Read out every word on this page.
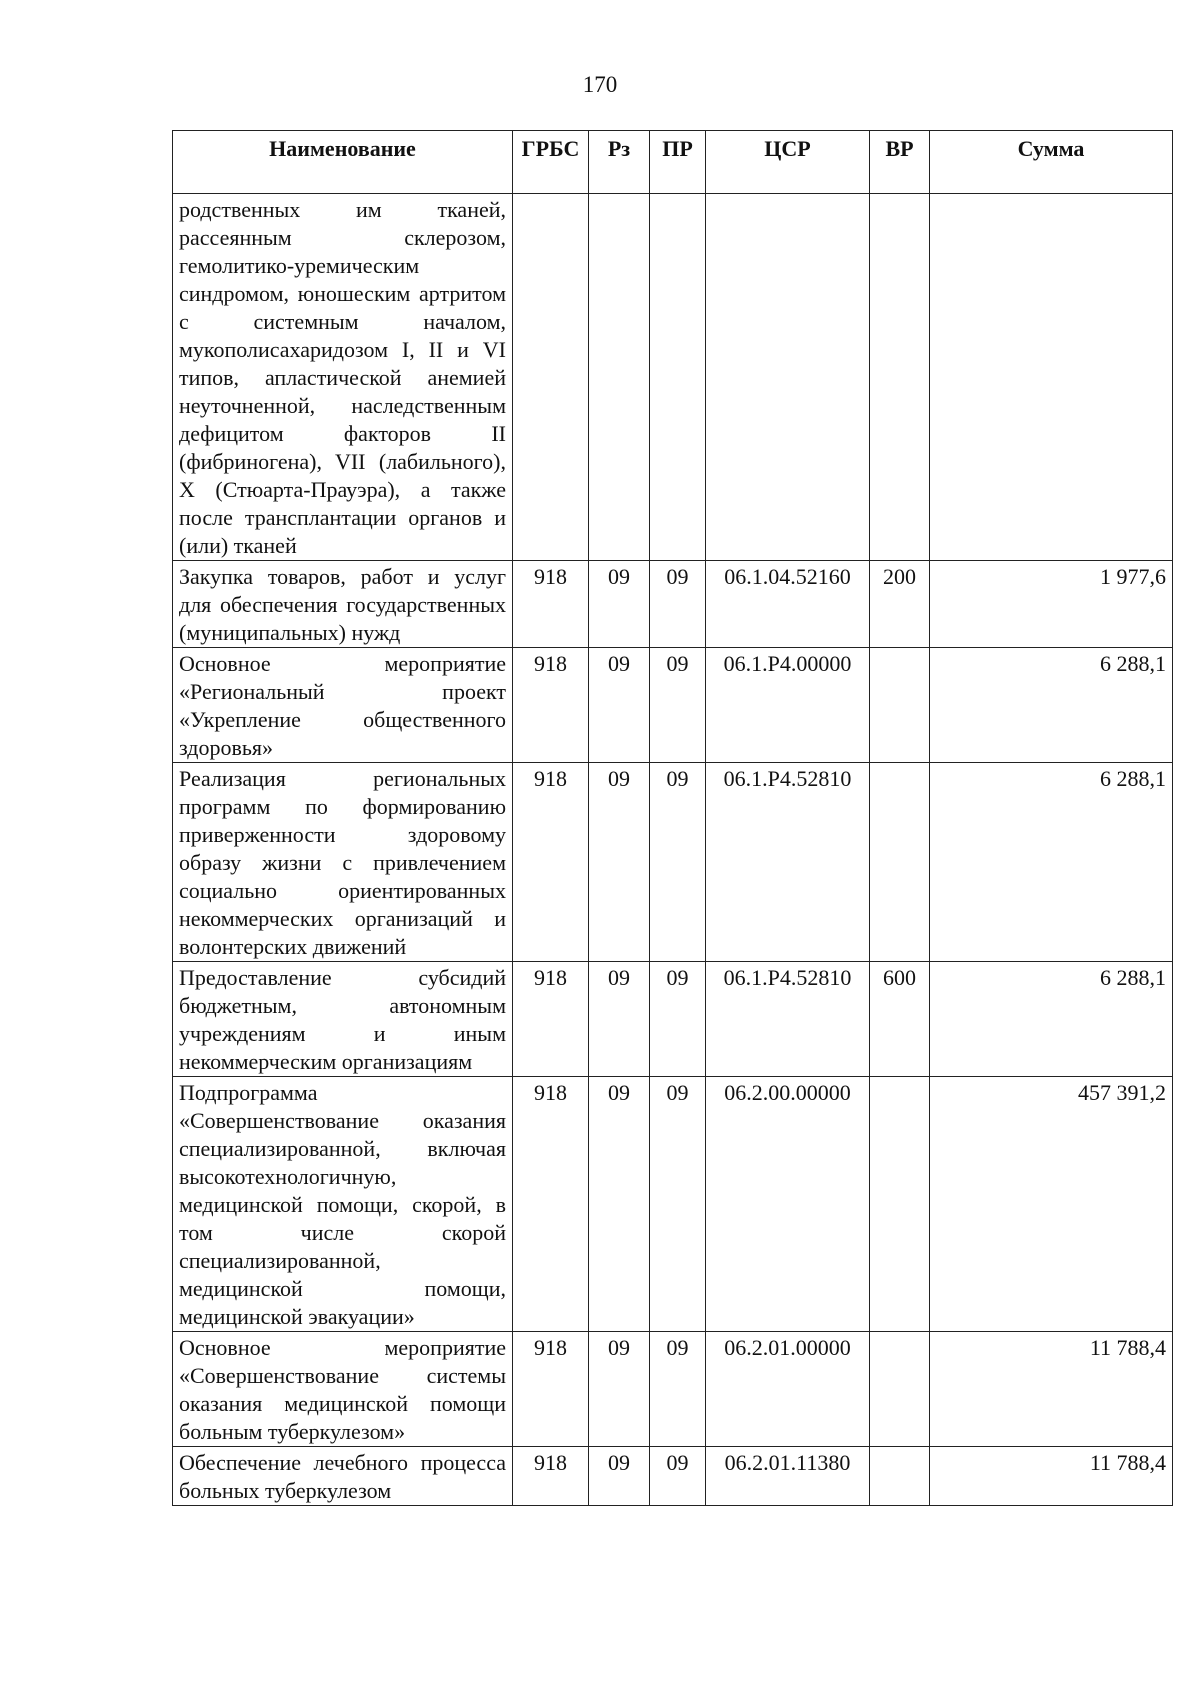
170
Наименование	ГРБС	Рз	ПР	ЦСР	ВР	Сумма
родственных им тканей, рассеянным склерозом, гемолитико-уремическим синдромом, юношеским артритом с системным началом, мукополисахаридозом I, II и VI типов, апластической анемией неуточненной, наследственным дефицитом факторов II (фибриногена), VII (лабильного), X (Стюарта-Прауэра), а также после трансплантации органов и (или) тканей						
Закупка товаров, работ и услуг для обеспечения государственных (муниципальных) нужд	918	09	09	06.1.04.52160	200	1 977,6
Основное мероприятие «Региональный проект «Укрепление общественного здоровья»	918	09	09	06.1.Р4.00000		6 288,1
Реализация региональных программ по формированию приверженности здоровому образу жизни с привлечением социально ориентированных некоммерческих организаций и волонтерских движений	918	09	09	06.1.Р4.52810		6 288,1
Предоставление субсидий бюджетным, автономным учреждениям и иным некоммерческим организациям	918	09	09	06.1.Р4.52810	600	6 288,1
Подпрограмма «Совершенствование оказания специализированной, включая высокотехнологичную, медицинской помощи, скорой, в том числе скорой специализированной, медицинской помощи, медицинской эвакуации»	918	09	09	06.2.00.00000		457 391,2
Основное мероприятие «Совершенствование системы оказания медицинской помощи больным туберкулезом»	918	09	09	06.2.01.00000		11 788,4
Обеспечение лечебного процесса больных туберкулезом	918	09	09	06.2.01.11380		11 788,4
